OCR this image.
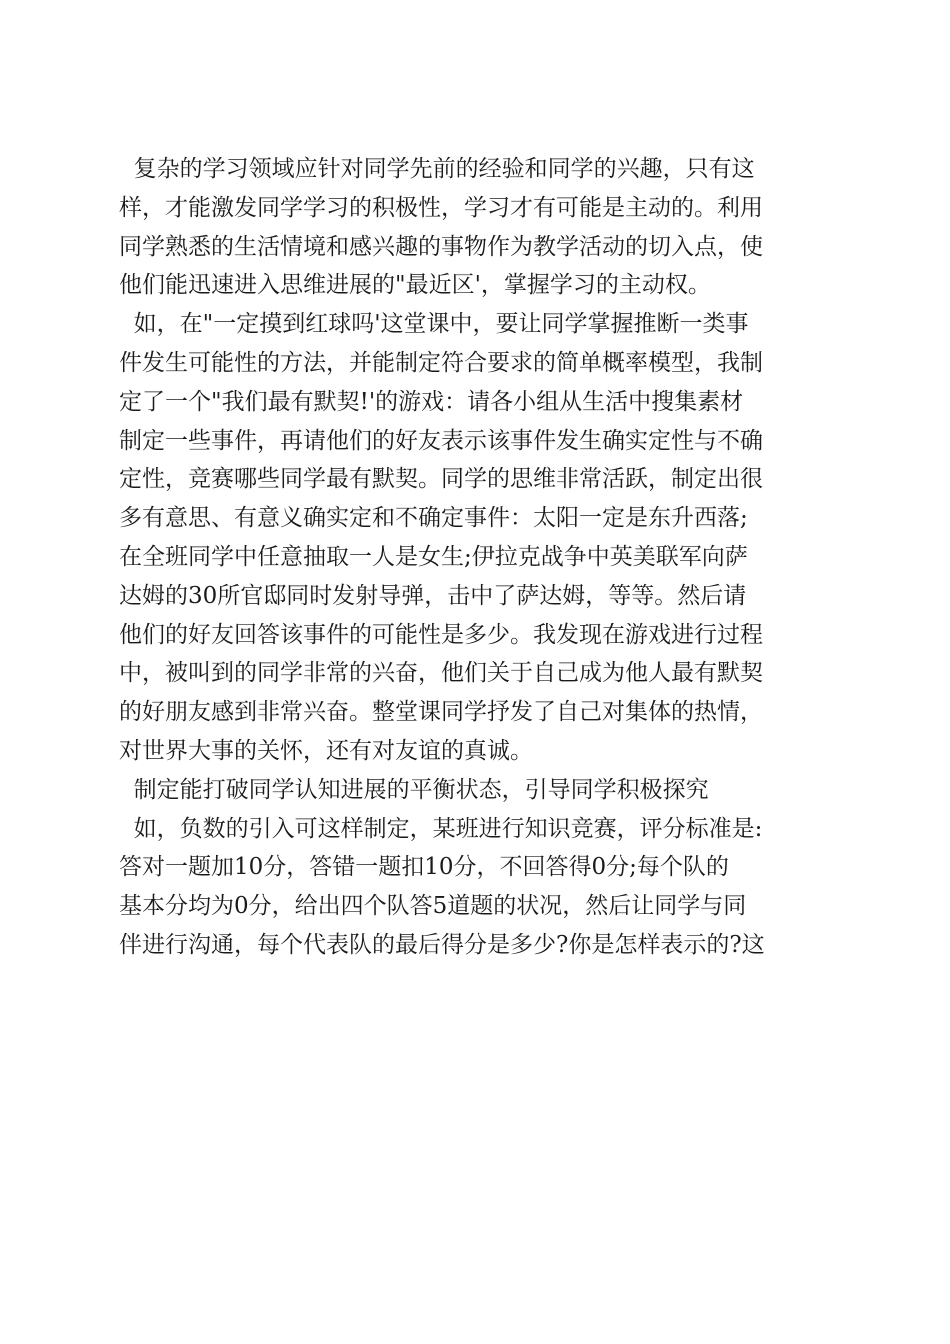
复杂的学习领域应针对同学先前的经验和同学的兴趣，只有这
样，才能激发同学学习的积极性，学习才有可能是主动的。利用
同学熟悉的生活情境和感兴趣的事物作为教学活动的切入点，使
他们能迅速进入思维进展的"最近区'，掌握学习的主动权。
如，在"一定摸到红球吗'这堂课中，要让同学掌握推断一类事
件发生可能性的方法，并能制定符合要求的简单概率模型，我制
定了一个"我们最有默契!'的游戏：请各小组从生活中搜集素材
制定一些事件，再请他们的好友表示该事件发生确实定性与不确
定性，竞赛哪些同学最有默契。同学的思维非常活跃，制定出很
多有意思、有意义确实定和不确定事件：太阳一定是东升西落;
在全班同学中任意抽取一人是女生;伊拉克战争中英美联军向萨
达姆的30所官邸同时发射导弹，击中了萨达姆，等等。然后请
他们的好友回答该事件的可能性是多少。我发现在游戏进行过程
中，被叫到的同学非常的兴奋，他们关于自己成为他人最有默契
的好朋友感到非常兴奋。整堂课同学抒发了自己对集体的热情，
对世界大事的关怀，还有对友谊的真诚。
制定能打破同学认知进展的平衡状态，引导同学积极探究
如，负数的引入可这样制定，某班进行知识竞赛，评分标准是:
答对一题加10分，答错一题扣10分，不回答得0分;每个队的
基本分均为0分，给出四个队答5道题的状况，然后让同学与同
伴进行沟通，每个代表队的最后得分是多少?你是怎样表示的?这
